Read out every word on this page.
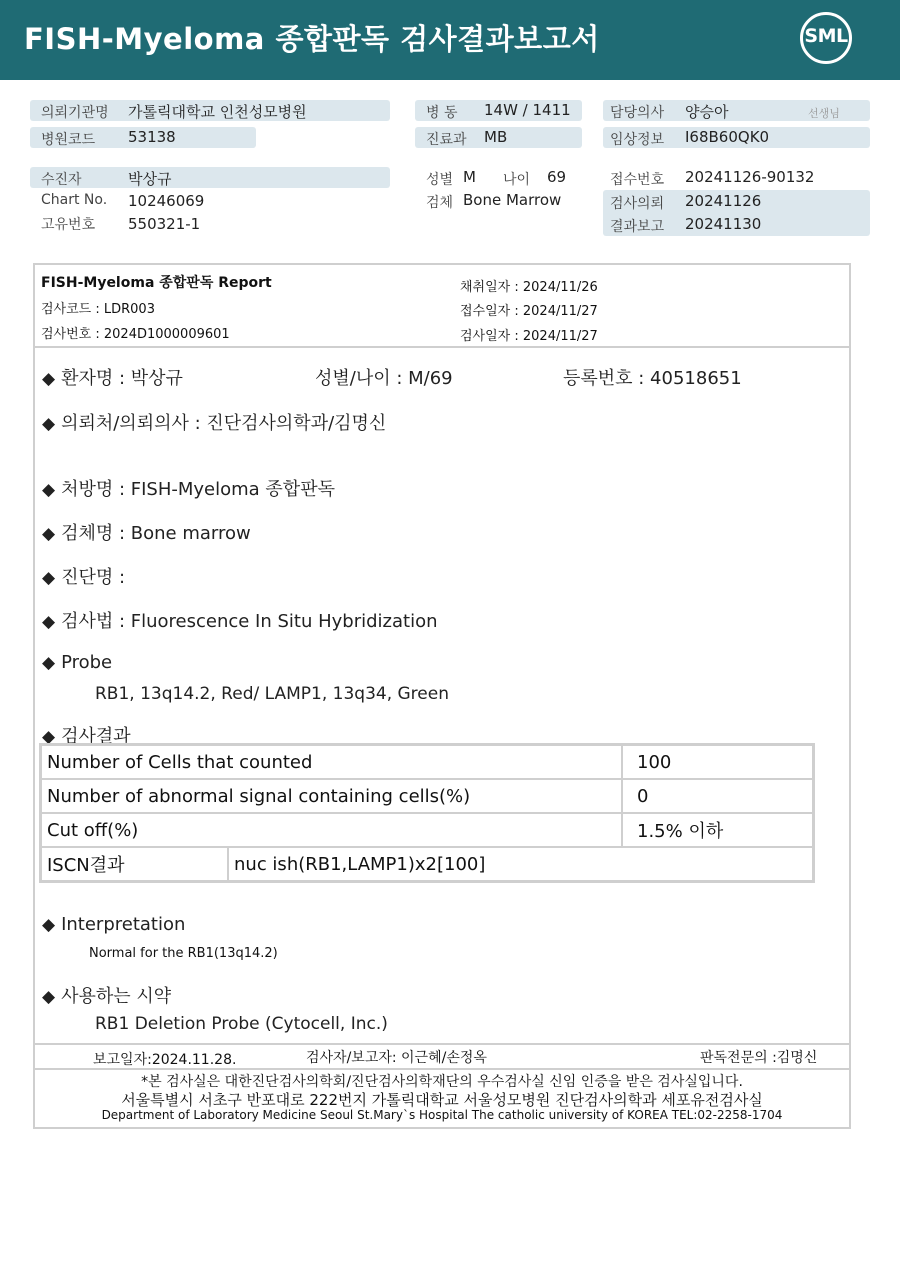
FISH-Myeloma 종합판독 검사결과보고서	SML
의뢰기관명 가톨릭대학교 인천성모병원
병원코드 53138
병 동 14W / 1411
진료과 MB
담당의사 양승아	선생님
임상정보 I68B60QK0
수진자	박상규
Chart No. 10246069
고유번호 550321-1
성별 M 나이 69
검체 Bone Marrow
접수번호 20241126-90132
검사의뢰 20241126
결과보고 20241130
FISH-Myeloma 종합판독 Report
검사코드 : LDR003
검사번호 : 2024D1000009601
채취일자 : 2024/11/26
접수일자 : 2024/11/27
검사일자 : 2024/11/27
◆ 환자명 : 박상규	성별/나이 : M/69	등록번호 : 40518651
◆ 의뢰처/의뢰의사 : 진단검사의학과/김명신
◆ 처방명 : FISH-Myeloma 종합판독
◆ 검체명 : Bone marrow
◆ 진단명 :
◆ 검사법 : Fluorescence In Situ Hybridization
◆ Probe
RB1, 13q14.2, Red/ LAMP1, 13q34, Green
◆ 검사결과
Number of Cells that counted		100
Number of abnormal signal containing cells(%)		0
Cut off(%)		1.5% 이하
ISCN결과	nuc ish(RB1,LAMP1)x2[100]	
◆ Interpretation
Normal for the RB1(13q14.2)
◆ 사용하는 시약
RB1 Deletion Probe (Cytocell, Inc.)
보고일자:2024.11.28.	검사자/보고자: 이근혜/손정옥	판독전문의 :김명신
*본 검사실은 대한진단검사의학회/진단검사의학재단의 우수검사실 신임 인증을 받은 검사실입니다.
서울특별시 서초구 반포대로 222번지 가톨릭대학교 서울성모병원 진단검사의학과 세포유전검사실
Department of Laboratory Medicine Seoul St.Mary`s Hospital The catholic university of KOREA TEL:02-2258-1704
